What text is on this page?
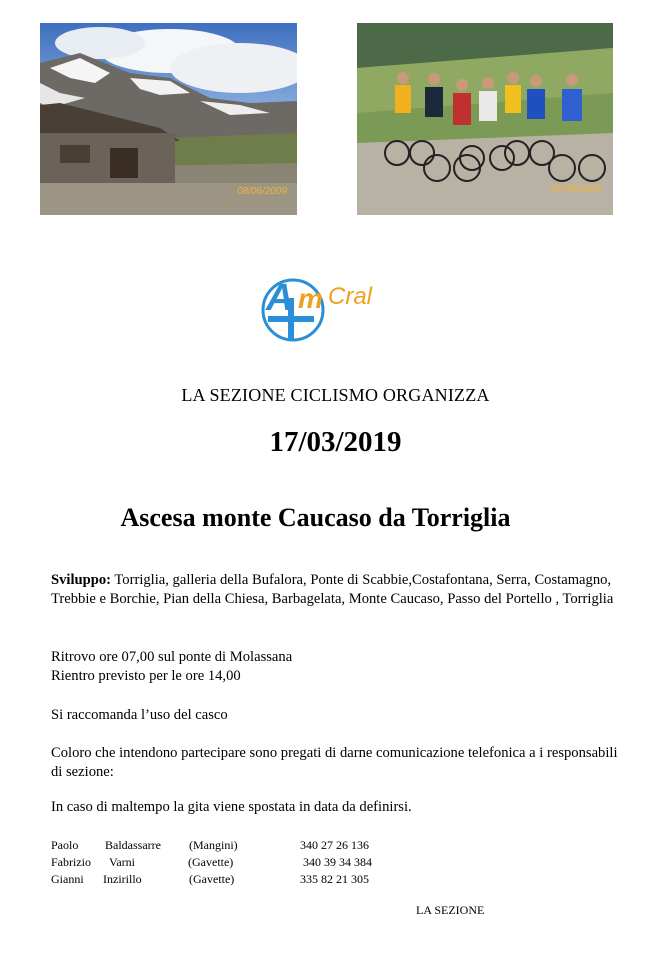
08/06/2009	07/06/2009
A m Cral
LA SEZIONE CICLISMO ORGANIZZA
17/03/2019
Ascesa monte Caucaso da Torriglia
Sviluppo: Torriglia, galleria della Bufalora, Ponte di Scabbie,Costafontana, Serra, Costamagno, Trebbie e Borchie, Pian della Chiesa, Barbagelata, Monte Caucaso, Passo del Portello , Torriglia
Ritrovo ore 07,00 sul ponte di Molassana
Rientro previsto per le ore 14,00
Si raccomanda l’uso del casco
Coloro che intendono partecipare sono pregati di darne comunicazione telefonica a i responsabili di sezione:
In caso di maltempo la gita viene spostata in data da definirsi.
Paolo Baldassarre (Mangini)	340 27 26 136
Fabrizio Varni	(Gavette)	340 39 34 384
Gianni Inzirillo	(Gavette)	335 82 21 305
LA SEZIONE
